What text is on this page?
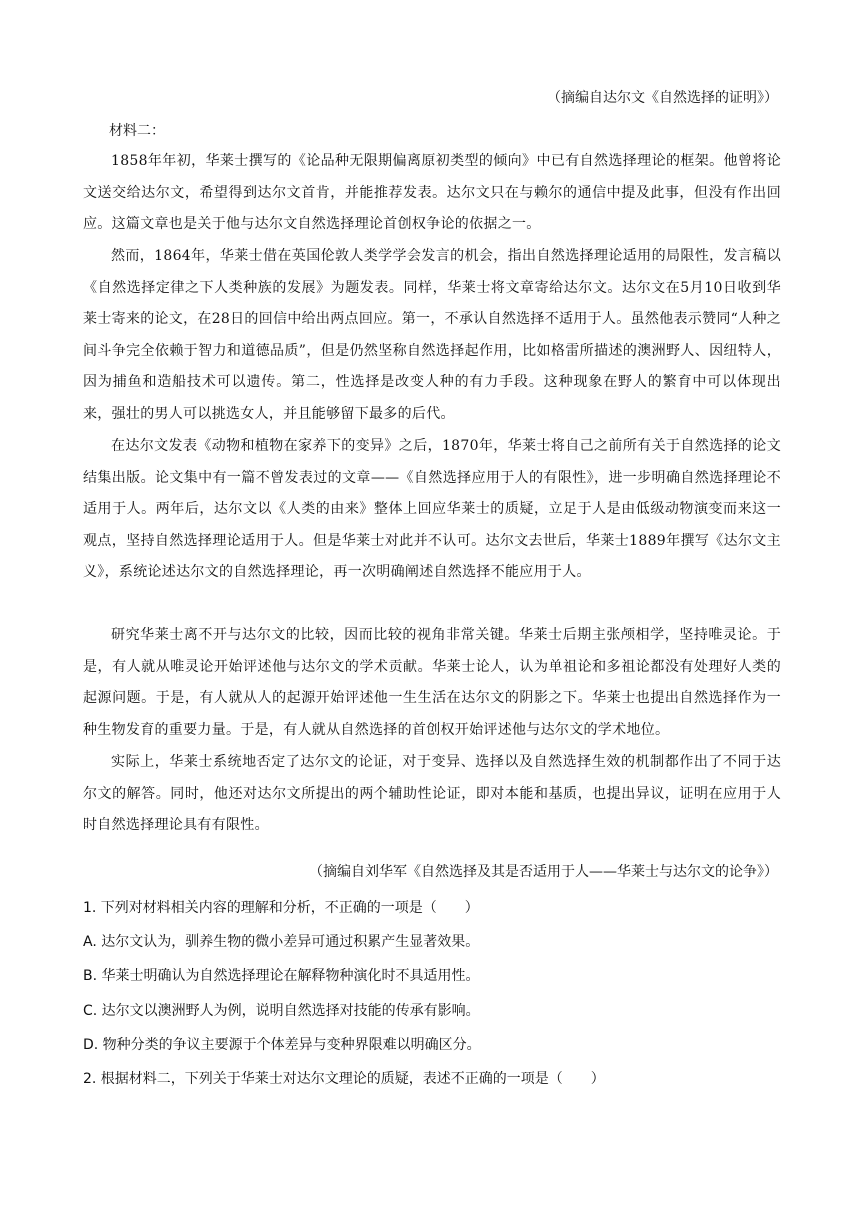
（摘编自达尔文《自然选择的证明》）
材料二：

1858年年初，华莱士撰写的《论品种无限期偏离原初类型的倾向》中已有自然选择理论的框架。他曾将论文送交给达尔文，希望得到达尔文首肯，并能推荐发表。达尔文只在与赖尔的通信中提及此事，但没有作出回应。这篇文章也是关于他与达尔文自然选择理论首创权争论的依据之一。

然而，1864年，华莱士借在英国伦敦人类学学会发言的机会，指出自然选择理论适用的局限性，发言稿以《自然选择定律之下人类种族的发展》为题发表。同样，华莱士将文章寄给达尔文。达尔文在5月10日收到华莱士寄来的论文，在28日的回信中给出两点回应。第一，不承认自然选择不适用于人。虽然他表示赞同“人种之间斗争完全依赖于智力和道德品质”，但是仍然坚称自然选择起作用，比如格雷所描述的澳洲野人、因纽特人，因为捕鱼和造船技术可以遗传。第二，性选择是改变人种的有力手段。这种现象在野人的繁育中可以体现出来，强壮的男人可以挑选女人，并且能够留下最多的后代。

在达尔文发表《动物和植物在家养下的变异》之后，1870年，华莱士将自己之前所有关于自然选择的论文结集出版。论文集中有一篇不曾发表过的文章——《自然选择应用于人的有限性》，进一步明确自然选择理论不适用于人。两年后，达尔文以《人类的由来》整体上回应华莱士的质疑，立足于人是由低级动物演变而来这一观点，坚持自然选择理论适用于人。但是华莱士对此并不认可。达尔文去世后，华莱士1889年撰写《达尔文主义》，系统论述达尔文的自然选择理论，再一次明确阐述自然选择不能应用于人。

研究华莱士离不开与达尔文的比较，因而比较的视角非常关键。华莱士后期主张颅相学，坚持唯灵论。于是，有人就从唯灵论开始评述他与达尔文的学术贡献。华莱士论人，认为单祖论和多祖论都没有处理好人类的起源问题。于是，有人就从人的起源开始评述他一生生活在达尔文的阴影之下。华莱士也提出自然选择作为一种生物发育的重要力量。于是，有人就从自然选择的首创权开始评述他与达尔文的学术地位。

实际上，华莱士系统地否定了达尔文的论证，对于变异、选择以及自然选择生效的机制都作出了不同于达尔文的解答。同时，他还对达尔文所提出的两个辅助性论证，即对本能和基质，也提出异议，证明在应用于人时自然选择理论具有有限性。

（摘编自刘华军《自然选择及其是否适用于人——华莱士与达尔文的论争》）
1. 下列对材料相关内容的理解和分析，不正确的一项是（　　）
A. 达尔文认为，驯养生物的微小差异可通过积累产生显著效果。
B. 华莱士明确认为自然选择理论在解释物种演化时不具适用性。
C. 达尔文以澳洲野人为例，说明自然选择对技能的传承有影响。
D. 物种分类的争议主要源于个体差异与变种界限难以明确区分。
2. 根据材料二，下列关于华莱士对达尔文理论的质疑，表述不正确的一项是（　　）
